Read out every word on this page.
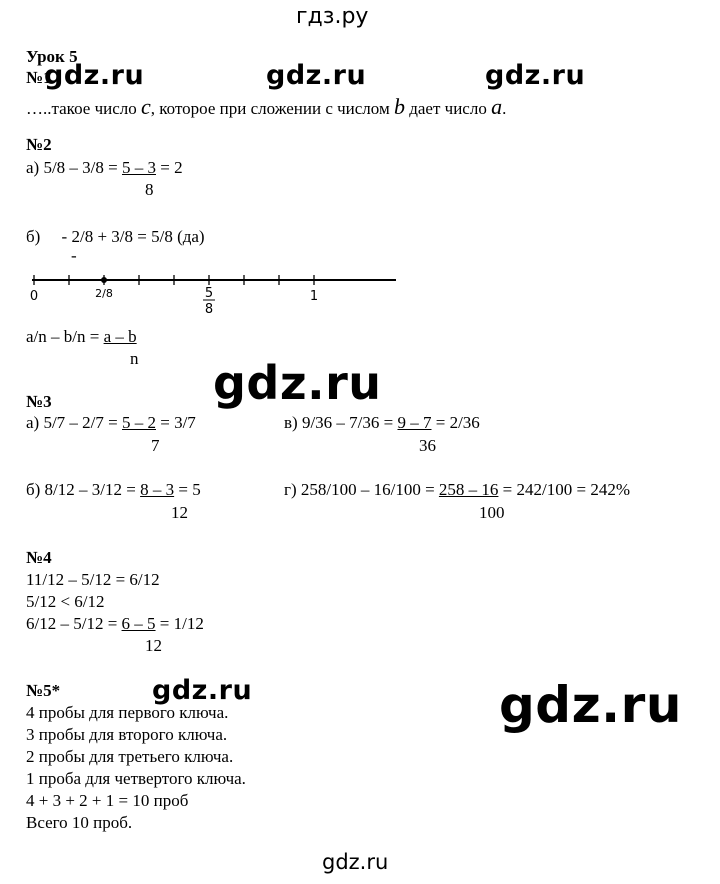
гдз.ру
Урок 5
№1
…..такое число c, которое при сложении с числом b дает число a.
№2
а) 5/8 – 3/8 = 5 – 3 = 2
8
б)     - 2/8 + 3/8 = 5/8 (да)
-
0	2/8	5
8
1
a/n – b/n = a – b
n
№3
а) 5/7 – 2/7 = 5 – 2 = 3/7
7
в) 9/36 – 7/36 = 9 – 7 = 2/36
36
б) 8/12 – 3/12 = 8 – 3 = 5
12
г) 258/100 – 16/100 = 258 – 16 = 242/100 = 242%
100
№4
11/12 – 5/12 = 6/12
5/12 < 6/12
6/12 – 5/12 = 6 – 5 = 1/12
12
№5*
4 пробы для первого ключа.
3 пробы для второго ключа.
2 пробы для третьего ключа.
1 проба для четвертого ключа.
4 + 3 + 2 + 1 = 10 проб
Всего 10 проб.
gdz.ru	gdz.ru	gdz.ru
gdz.ru
gdz.ru	gdz.ru
gdz.ru
